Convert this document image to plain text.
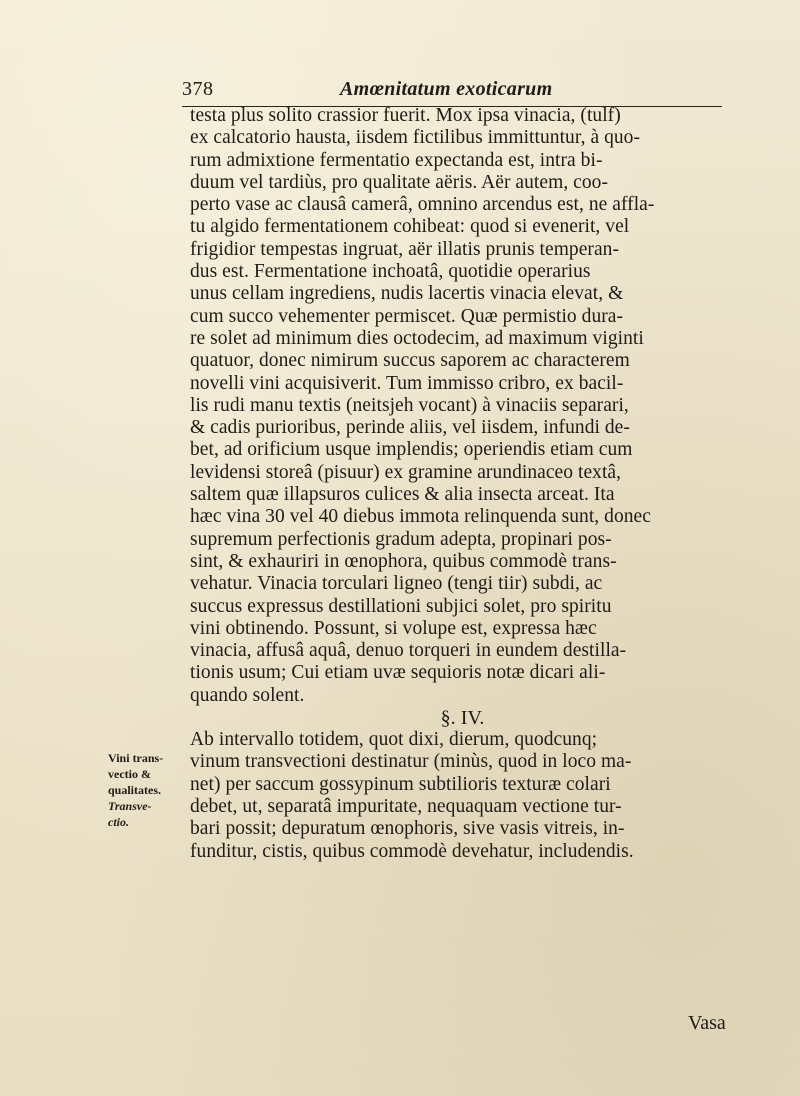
378	Amœnitatum exoticarum
Vini trans-
vectio &
qualitates.
Transve-
ctio.
testa plus solito crassior fuerit. Mox ipsa vinacia, (tulf)
ex calcatorio hausta, iisdem fictilibus immittuntur, à quo-
rum admixtione fermentatio expectanda est, intra bi-
duum vel tardiùs, pro qualitate aëris. Aër autem, coo-
perto vase ac clausâ camerâ, omnino arcendus est, ne affla-
tu algido fermentationem cohibeat: quod si evenerit, vel
frigidior tempestas ingruat, aër illatis prunis temperan-
dus est. Fermentatione inchoatâ, quotidie operarius
unus cellam ingrediens, nudis lacertis vinacia elevat, &
cum succo vehementer permiscet. Quæ permistio dura-
re solet ad minimum dies octodecim, ad maximum viginti
quatuor, donec nimirum succus saporem ac characterem
novelli vini acquisiverit. Tum immisso cribro, ex bacil-
lis rudi manu textis (neitsjeh vocant) à vinaciis separari,
& cadis purioribus, perinde aliis, vel iisdem, infundi de-
bet, ad orificium usque implendis; operiendis etiam cum
levidensi storeâ (pisuur) ex gramine arundinaceo textâ,
saltem quæ illapsuros culices & alia insecta arceat. Ita
hæc vina 30 vel 40 diebus immota relinquenda sunt, donec
supremum perfectionis gradum adepta, propinari pos-
sint, & exhauriri in œnophora, quibus commodè trans-
vehatur. Vinacia torculari ligneo (tengi tiir) subdi, ac
succus expressus destillationi subjici solet, pro spiritu
vini obtinendo. Possunt, si volupe est, expressa hæc
vinacia, affusâ aquâ, denuo torqueri in eundem destilla-
tionis usum; Cui etiam uvæ sequioris notæ dicari ali-
quando solent.
§. IV.
Ab intervallo totidem, quot dixi, dierum, quodcunq;
vinum transvectioni destinatur (minùs, quod in loco ma-
net) per saccum gossypinum subtilioris texturæ colari
debet, ut, separatâ impuritate, nequaquam vectione tur-
bari possit; depuratum œnophoris, sive vasis vitreis, in-
funditur, cistis, quibus commodè devehatur, includendis.
Vasa
